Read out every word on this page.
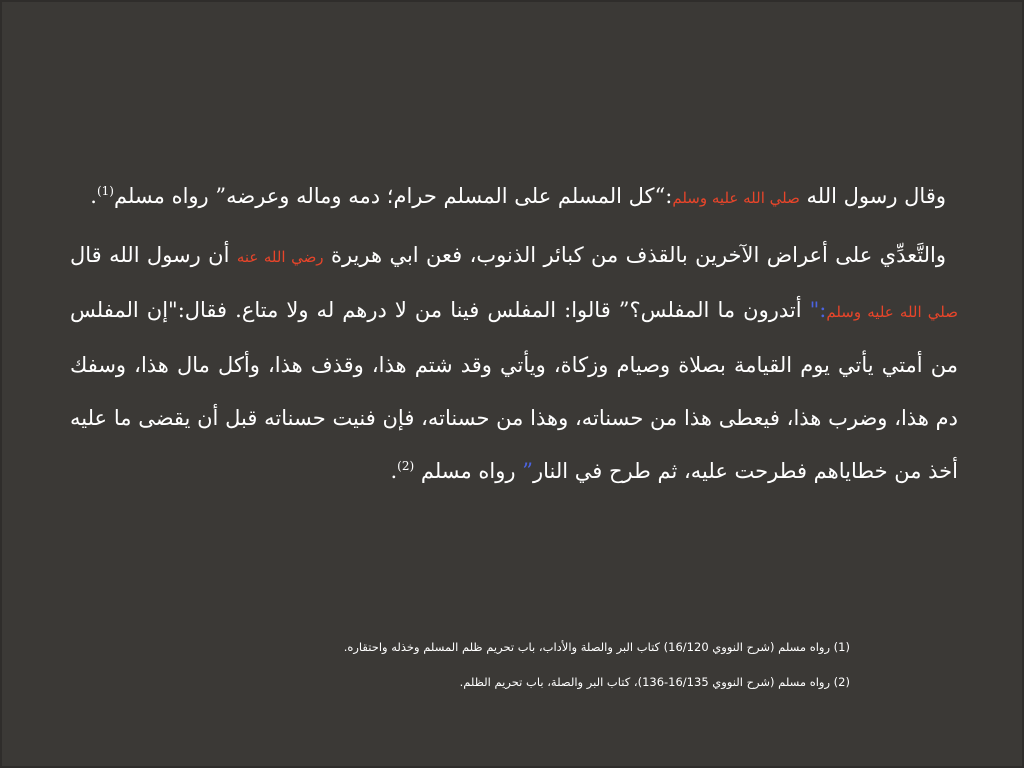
وقال رسول الله صلي الله عليه وسلم:“كل المسلم على المسلم حرام؛ دمه وماله وعرضه” رواه مسلم$^{(1)}$.

والتَّعدِّي على أعراض الآخرين بالقذف من كبائر الذنوب، فعن ابي هريرة رضي الله عنه أن رسول الله قال صلي الله عليه وسلم:" أتدرون ما المفلس؟” قالوا: المفلس فينا من لا درهم له ولا متاع. فقال:"إن المفلس من أمتي يأتي يوم القيامة بصلاة وصيام وزكاة، ويأتي وقد شتم هذا، وقذف هذا، وأكل مال هذا، وسفك دم هذا، وضرب هذا، فيعطى هذا من حسناته، وهذا من حسناته، فإن فنيت حسناته قبل أن يقضى ما عليه أخذ من خطاياهم فطرحت عليه، ثم طرح في النار” رواه مسلم $^{(2)}$.

(1) رواه مسلم (شرح النووي 16/120) كتاب البر والصلة والأداب، باب تحريم ظلم المسلم وخذله واحتقاره.

(2) رواه مسلم (شرح النووي 16/135-136)، كتاب البر والصلة، باب تحريم الظلم.
